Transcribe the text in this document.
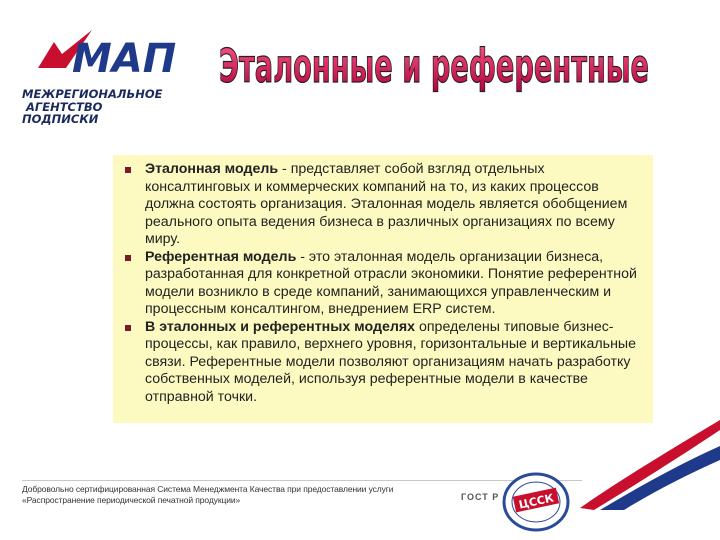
МАП
МЕЖРЕГИОНАЛЬНОЕ
АГЕНТСТВО
ПОДПИСКИ
Эталонные и референтные
Эталонная модель - представляет собой взгляд отдельных консалтинговых и коммерческих компаний на то, из каких процессов должна состоять организация. Эталонная модель является обобщением реального опыта ведения бизнеса в различных организациях по всему миру.
Референтная модель - это эталонная модель организации бизнеса, разработанная для конкретной отрасли экономики. Понятие референтной модели возникло в среде компаний, занимающихся управленческим и процессным консалтингом, внедрением ERP систем.
В эталонных и референтных моделях определены типовые бизнес-процессы, как правило, верхнего уровня, горизонтальные и вертикальные связи. Референтные модели позволяют организациям начать разработку собственных моделей, используя референтные модели в качестве отправной точки.
Добровольно сертифицированная Система Менеджмента Качества при предоставлении услуги
«Распространение периодической печатной продукции»	ГОСТ Р ЦССК
